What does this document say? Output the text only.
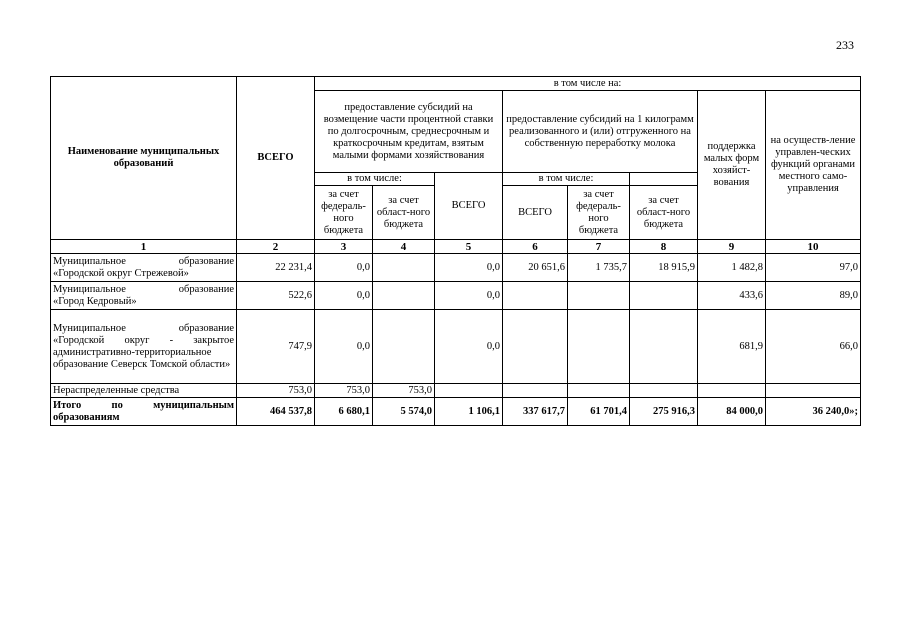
233
Наименование муниципальных образований	ВСЕГО	в том числе на:							
		предоставление субсидий на возмещение части процентной ставки по долгосрочным, среднесрочным и краткосрочным кредитам, взятым малыми формами хозяйствования			предоставление субсидий на 1 килограмм реализованного и (или) отгруженного на собственную переработку молока			поддержка малых форм хозяйст-вования	на осуществ-ление управлен-ческих функций органами местного само-управления
		в том числе:		ВСЕГО	в том числе:				
		за счет федераль-ного бюджета	за счет област-ного бюджета		ВСЕГО	за счет федераль-ного бюджета	за счет област-ного бюджета		
1	2	3	4	5	6	7	8	9	10

Муниципальное образование
«Городской округ Стрежевой»	22 231,4	0,0		0,0	20 651,6	1 735,7	18 915,9	1 482,8	97,0

Муниципальное образование
«Город Кедровый»	522,6	0,0		0,0				433,6	89,0

Муниципальное образование
«Городской округ - закрытое административно-территориальное образование Северск Томской области»	747,9	0,0		0,0				681,9	66,0
Нераспределенные средства	753,0	753,0	753,0						
Итого по муниципальным образованиям	464 537,8	6 680,1	5 574,0	1 106,1	337 617,7	61 701,4	275 916,3	84 000,0	36 240,0»;
